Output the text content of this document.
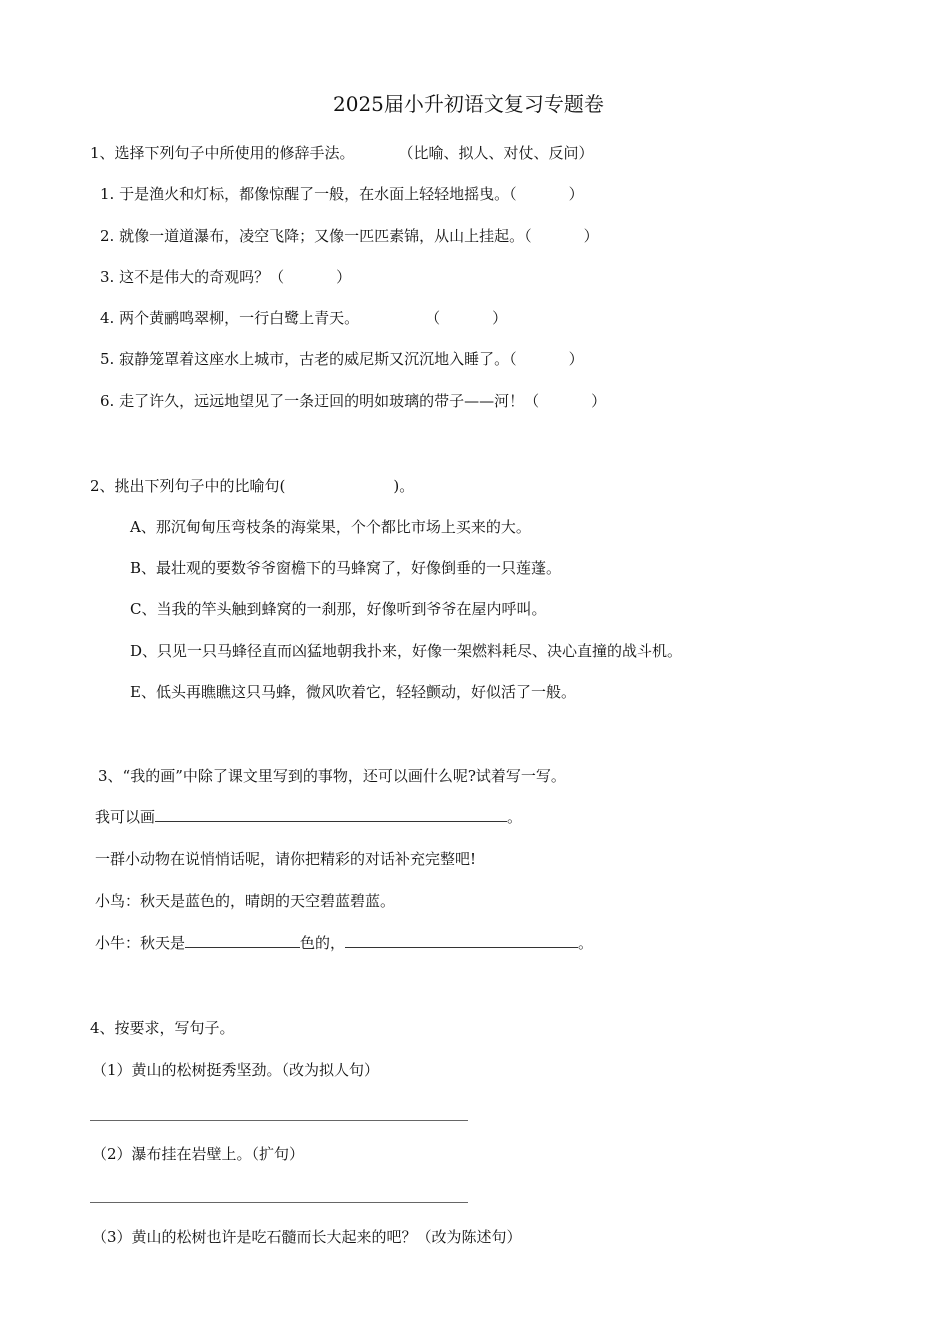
2025届小升初语文复习专题卷
1、选择下列句子中所使用的修辞手法。	（比喻、拟人、对仗、反问）
1. 于是渔火和灯标，都像惊醒了一般，在水面上轻轻地摇曳。（	）
2. 就像一道道瀑布，凌空飞降；又像一匹匹素锦，从山上挂起。（	）
3. 这不是伟大的奇观吗？（	）
4. 两个黄鹂鸣翠柳，一行白鹭上青天。	（	）
5. 寂静笼罩着这座水上城市，古老的威尼斯又沉沉地入睡了。（	）
6. 走了许久，远远地望见了一条迂回的明如玻璃的带子——河！（	）
2、挑出下列句子中的比喻句(	)。
A、那沉甸甸压弯枝条的海棠果，个个都比市场上买来的大。
B、最壮观的要数爷爷窗檐下的马蜂窝了，好像倒垂的一只莲蓬。
C、当我的竿头触到蜂窝的一刹那，好像听到爷爷在屋内呼叫。
D、只见一只马蜂径直而凶猛地朝我扑来，好像一架燃料耗尽、决心直撞的战斗机。
E、低头再瞧瞧这只马蜂，微风吹着它，轻轻颤动，好似活了一般。
3、“我的画”中除了课文里写到的事物，还可以画什么呢?试着写一写。
我可以画	。
一群小动物在说悄悄话呢，请你把精彩的对话补充完整吧!
小鸟：秋天是蓝色的，晴朗的天空碧蓝碧蓝。
小牛：秋天是	色的，	。
4、按要求，写句子。
（1）黄山的松树挺秀坚劲。（改为拟人句）
（2）瀑布挂在岩壁上。（扩句）
（3）黄山的松树也许是吃石髓而长大起来的吧？（改为陈述句）
